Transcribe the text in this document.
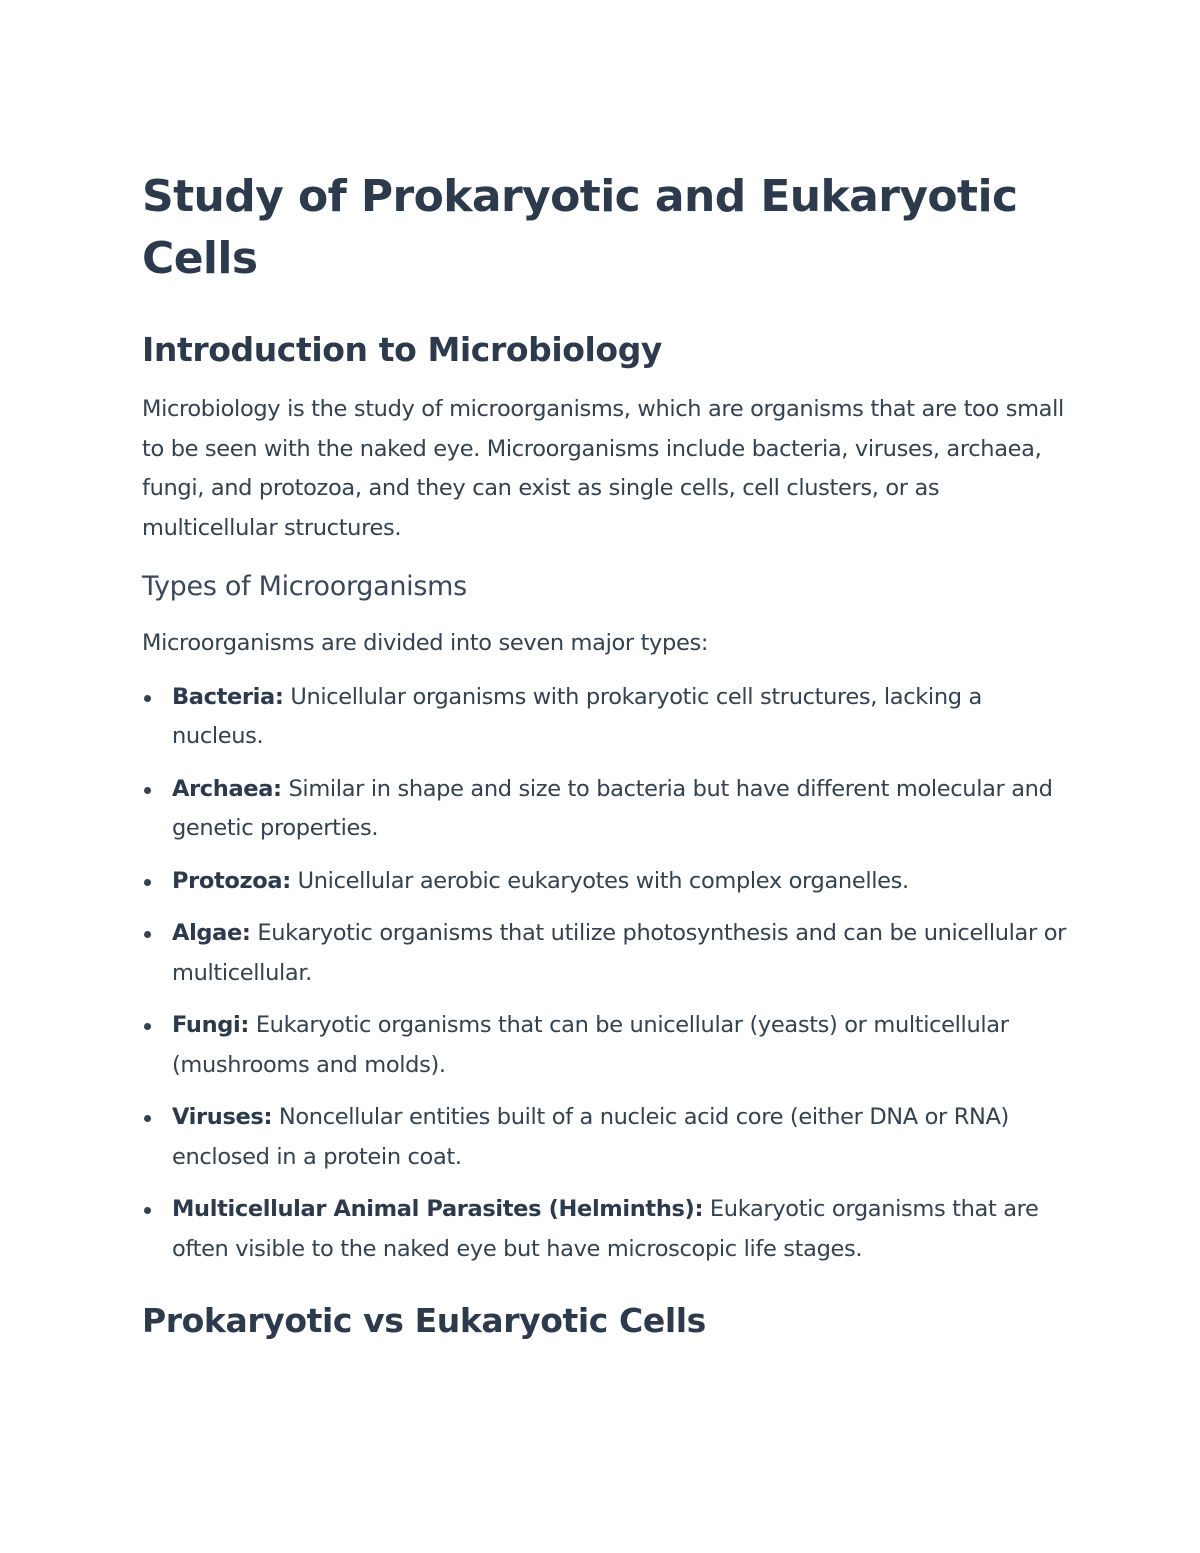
Study of Prokaryotic and Eukaryotic Cells
Introduction to Microbiology

Microbiology is the study of microorganisms, which are organisms that are too small to be seen with the naked eye. Microorganisms include bacteria, viruses, archaea, fungi, and protozoa, and they can exist as single cells, cell clusters, or as multicellular structures.

Types of Microorganisms

Microorganisms are divided into seven major types:

Bacteria: Unicellular organisms with prokaryotic cell structures, lacking a nucleus.
Archaea: Similar in shape and size to bacteria but have different molecular and genetic properties.
Protozoa: Unicellular aerobic eukaryotes with complex organelles.
Algae: Eukaryotic organisms that utilize photosynthesis and can be unicellular or multicellular.
Fungi: Eukaryotic organisms that can be unicellular (yeasts) or multicellular (mushrooms and molds).
Viruses: Noncellular entities built of a nucleic acid core (either DNA or RNA) enclosed in a protein coat.
Multicellular Animal Parasites (Helminths): Eukaryotic organisms that are often visible to the naked eye but have microscopic life stages.
Prokaryotic vs Eukaryotic Cells
